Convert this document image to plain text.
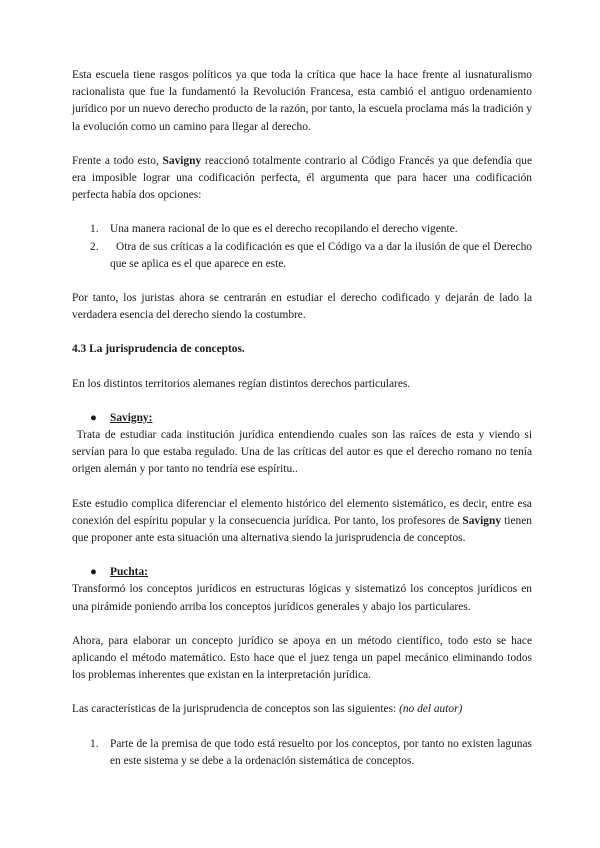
Esta escuela tiene rasgos políticos ya que toda la crítica que hace la hace frente al iusnaturalismo racionalista que fue la fundamentó la Revolución Francesa, esta cambió el antiguo ordenamiento jurídico por un nuevo derecho producto de la razón, por tanto, la escuela proclama más la tradición y la evolución como un camino para llegar al derecho.

Frente a todo esto, Savigny reaccionó totalmente contrario al Código Francés ya que defendía que era imposible lograr una codificación perfecta, él argumenta que para hacer una codificación perfecta había dos opciones:

1. Una manera racional de lo que es el derecho recopilando el derecho vigente.
2. Otra de sus críticas a la codificación es que el Código va a dar la ilusión de que el Derecho que se aplica es el que aparece en este.

Por tanto, los juristas ahora se centrarán en estudiar el derecho codificado y dejarán de lado la verdadera esencia del derecho siendo la costumbre.

4.3 La jurisprudencia de conceptos.

En los distintos territorios alemanes regían distintos derechos particulares.

● Savigny:

Trata de estudiar cada institución jurídica entendiendo cuales son las raíces de esta y viendo si servían para lo que estaba regulado. Una de las críticas del autor es que el derecho romano no tenía origen alemán y por tanto no tendría ese espíritu..

Este estudio complica diferenciar el elemento histórico del elemento sistemático, es decir, entre esa conexión del espíritu popular y la consecuencia jurídica. Por tanto, los profesores de Savigny tienen que proponer ante esta situación una alternativa siendo la jurisprudencia de conceptos.

● Puchta:

Transformó los conceptos jurídicos en estructuras lógicas y sistematizó los conceptos jurídicos en una pirámide poniendo arriba los conceptos jurídicos generales y abajo los particulares.

Ahora, para elaborar un concepto jurídico se apoya en un método científico, todo esto se hace aplicando el método matemático. Esto hace que el juez tenga un papel mecánico eliminando todos los problemas inherentes que existan en la interpretación jurídica.

Las características de la jurisprudencia de conceptos son las siguientes: (no del autor)

1. Parte de la premisa de que todo está resuelto por los conceptos, por tanto no existen lagunas en este sistema y se debe a la ordenación sistemática de conceptos.
